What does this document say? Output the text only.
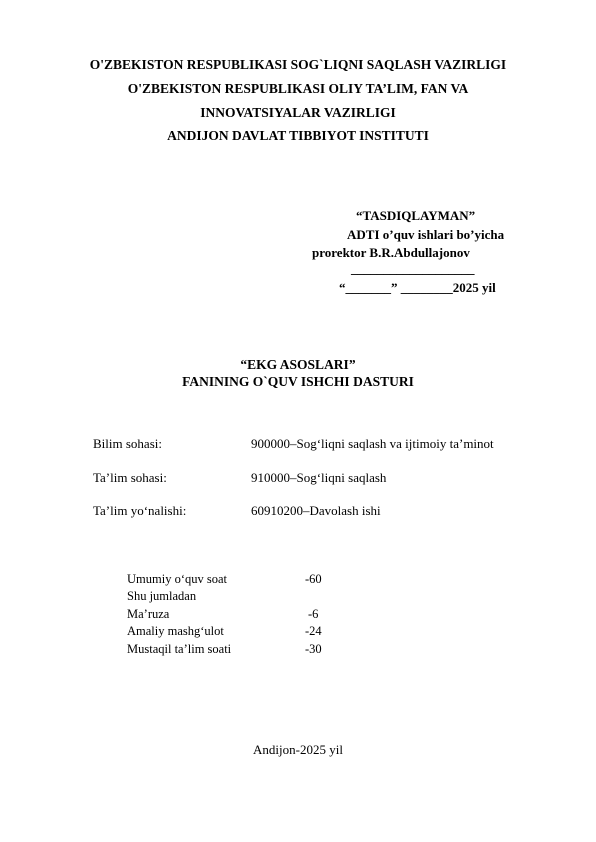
O'ZBEKISTON RESPUBLIKASI SOG`LIQNI SAQLASH VAZIRLIGI
O'ZBEKISTON RESPUBLIKASI OLIY TA’LIM, FAN VA
INNOVATSIYALAR VAZIRLIGI
ANDIJON DAVLAT TIBBIYOT INSTITUTI
“TASDIQLAYMAN”
ADTI o’quv ishlari bo’yicha
prorektor B.R.Abdullajonov
___________________
“_______” ________2025 yil
“EKG ASOSLARI”
FANINING O`QUV ISHCHI DASTURI
Bilim sohasi:	900000–Sog‘liqni saqlash va ijtimoiy ta’minot
Ta’lim sohasi:	910000–Sog‘liqni saqlash
Ta’lim yo‘nalishi:	60910200–Davolash ishi
Umumiy o‘quv soat	-60
Shu jumladan
Ma’ruza	-6
Amaliy mashg‘ulot	-24
Mustaqil ta’lim soati	-30
Andijon-2025 yil
